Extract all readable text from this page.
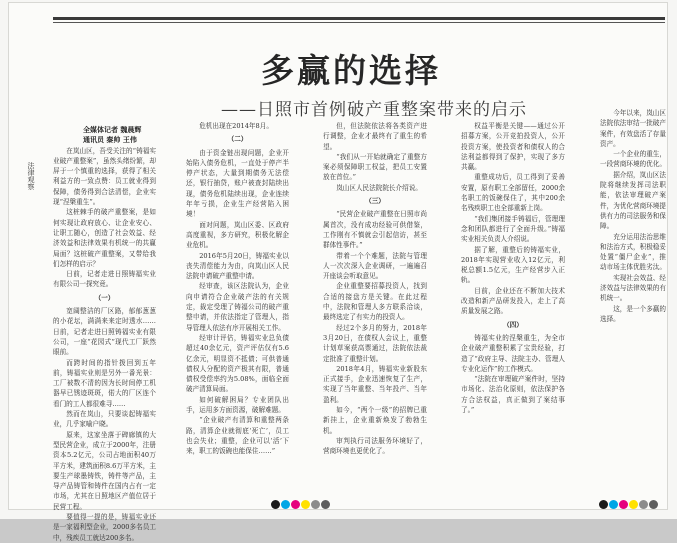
法律观察
多赢的选择
——日照市首例破产重整案带来的启示

全媒体记者 魏晨辉

通讯员 秦帅 王伟

在岚山区，吾受关注的“铸福实业破产重整案”，虽然头绪纷繁，却屏于一个慎重的选择，获得了相关利益方的一致点赞：员工就业得到保障，债务得到合法清偿，企业实现“涅槃重生”。

这桩棘手的破产重整案，是如何实现让政府放心、让企业安心、让职工随心，创造了社会效益、经济效益和法律效果有机统一的共赢局面？这桩破产重整案，又带给我们怎样的启示？

日前，记者走进日照铸福实业有限公司一探究竟。

（一）

宽阔整洁的厂区路，郁郁葱葱的小花坛，满满来来定时透水……日前，记者走进日照铸福实业有限公司，一座“花园式”现代工厂跃然眼前。

而跨时间的指针拨回到五年前，铸福实业则是另外一番光景：工厂被数不清的因为长时间停工机器早已锈迹斑斑，偌大的厂区连个看门的工人都很难寻……

然而在岚山，只要谈起铸福实业，几乎家喻户晓。

原来，这家坐落于碑廊镇的大型民营企业，成立于2000年，注册资本5.2亿元，公司占地面积40万平方米，建筑面积8.6万平方米，主要生产球墨铸铁，铸件等产品，主导产品铸管和铸件在国内占有一定市场，尤其在日照地区产值位居于民营工程。

要值得一提的是，铸福实业还是一家福利型企业，2000多名员工中，残疾员工就达200多名。

危机出现在2014年8月。

（二）

由于资金链出现问题，企业开始陷入债务危机，一直处于停产半停产状态，大量到期债务无法偿还，银行抽贷，账户被查封陆续出现，债务危机陆续出现，企业连续年年亏损，企业生产经营陷入困境！

面对问题，岚山区委、区政府高度重视，多方研究，积极化解企业危机。

2016年5月20日，铸福实业以丧失清偿能力为由，向岚山区人民法院申请破产重整申请。

经审查，该区法院认为，企业向申请符合企业破产法的有关规定，裁定受理了铸福公司的破产重整申请，并依法指定了管理人，指导管理人依法有序开展相关工作。

经审计评估，铸福实业总负债超过40余亿元，资产评估仅有5.6亿余元，明显资不抵债；可供普通债权人分配的资产极其有限，普通债权受偿率约为5.08%，面临全面破产清算局面。

如何破解困局？专业团队出手，运用多方面资源，破解难题。

“企业破产有清算和重整两条路，清算企业就彻底‘死亡’，员工也会失业；重整，企业可以‘活’下来，职工的饭碗也能保住……”

但，但法院依法将各类资产进行调整，企业才最终有了重生的希望。

“我们从一开始就确定了重整方案必须保障职工权益，把员工安置放在首位。”

岚山区人民法院院长介绍说。

（三）

“民营企业破产重整在日照市尚属首次，没有成功经验可供借鉴，工作刚有不慎就会引起信访，甚至群体性事件。”

带着一个个难题，法院与管理人一次次深入企业调研，一遍遍召开座谈会听取意见。

企业重整要招募投资人，找到合适的接盘方是关键。在此过程中，法院和管理人多方联系洽谈，最终选定了有实力的投资人。

经过2个多月的努力，2018年3月20日，在债权人会议上，重整计划草案获高票通过，法院依法裁定批准了重整计划。

2018年4月，铸福实业新股东正式接手，企业迅速恢复了生产，实现了当年重整、当年投产、当年盈利。

如今，“两个一级”的招牌已重新挂上，企业重新焕发了勃勃生机。

审判执行司法服务环境好了，营商环境也更优化了。

权益平衡是关键——通过公开招募方案，公开竞拍投资人，公开投资方案，使投资者和债权人的合法利益都得到了保护，实现了多方共赢。

重整成功后，员工得到了妥善安置，原有职工全部留任，2000余名职工的饭碗保住了，其中200余名残疾职工也全部重新上岗。

“我们集团接手铸福后，管理理念和团队都进行了全面升级。”铸福实业相关负责人介绍说。

据了解，重整后的铸福实业，2018年实现营业收入12亿元，利税总额1.5亿元，生产经营步入正轨。

目前，企业还在不断加大技术改造和新产品研发投入，走上了高质量发展之路。

（四）

铸福实业的涅槃重生，为全市企业破产重整积累了宝贵经验，打造了“政府主导、法院主办、管理人专业化运作”的工作模式。

“法院在审理破产案件时，坚持市场化、法治化原则，依法保护各方合法权益，真正做到了案结事了。”

今年以来，岚山区法院依法审结一批破产案件，有效盘活了存量资产。

一个企业的重生，一段营商环境的优化。

据介绍，岚山区法院将继续发挥司法职能，依法审理破产案件，为优化营商环境提供有力的司法服务和保障。

充分运用法治思维和法治方式，积极稳妥处置“僵尸企业”，推动市场主体优胜劣汰。

实现社会效益、经济效益与法律效果的有机统一。

这，是一个多赢的选择。
